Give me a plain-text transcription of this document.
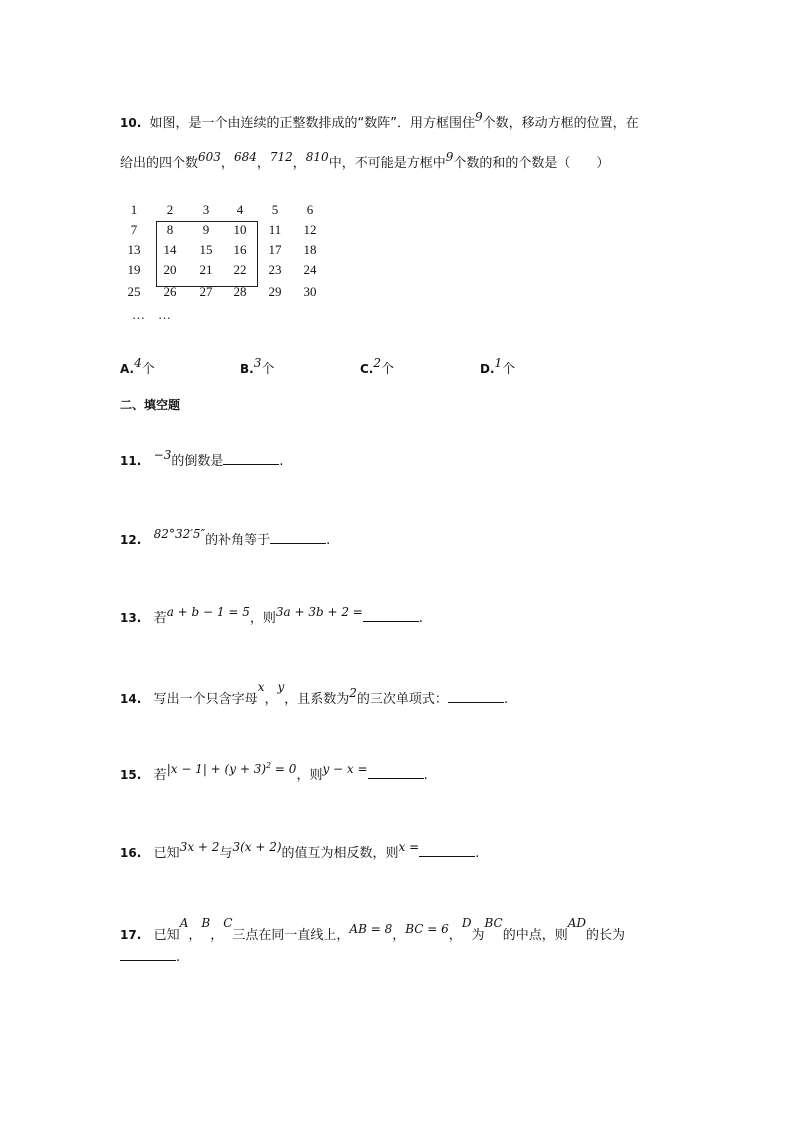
10. 如图，是一个由连续的正整数排成的“数阵”．用方框围住9个数，移动方框的位置，在
给出的四个数603，684，712，810中，不可能是方框中9个数的和的个数是（　　）
1	2	3	4	5	6
7	8	9	10	11	12
13	14	15	16	17	18
19	20	21	22	23	24
25	26	27	28	29	30
…　…
A.4个	B.3个	C.2个	D.1个
二、填空题
11. −3的倒数是	.
12. 82°32′5″的补角等于	.
13. 若a + b − 1 = 5，则3a + 3b + 2 =	.
14. 写出一个只含字母x，y，且系数为2的三次单项式：	.
15. 若$|x - 1| + (y + 3)^2 = 0$，则y − x =	.
16. 已知3x + 2与3(x + 2)的值互为相反数，则x =	.
17. 已知A，B，C三点在同一直线上，AB = 8，BC = 6，D为BC的中点，则AD的长为
.
